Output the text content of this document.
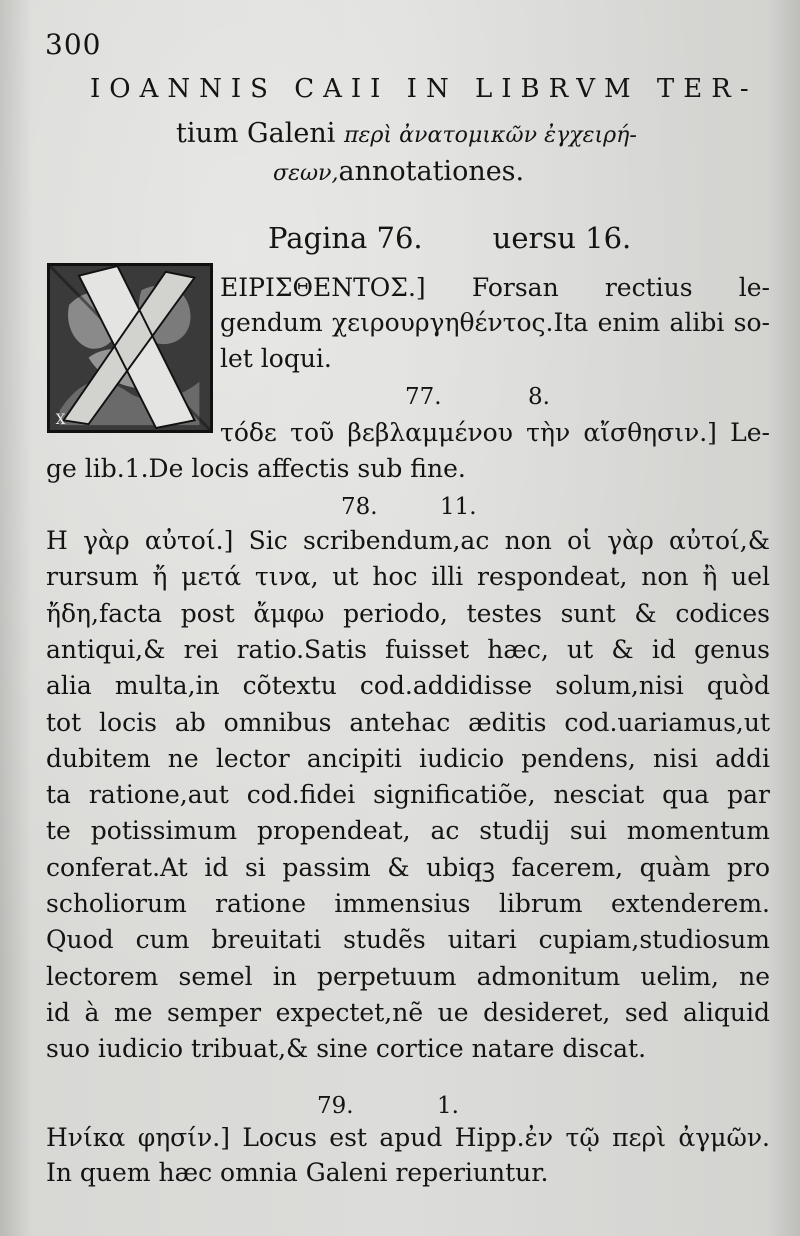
300
IOANNIS CAII IN LIBRVM TER-
tium Galeni περὶ ἀνατομικῶν ἐγχειρή-
σεων,annotationes.
Pagina 76. uersu 16.
X
ΕΙΡΙΣΘΕΝΤΟΣ.] Forsan rectius le-
gendum χειρουργηθέντος.Ita enim alibi so-
let loqui.
77.	8.
τόδε τοῦ βεβλαμμένου τὴν αἴσθησιν.] Le-
ge lib.1.De locis affectis sub fine.
78.	11.
Η γὰρ αὐτοί.] Sic scribendum,ac non οἱ γὰρ αὐτοί,&
rursum ἤ μετά τινα, ut hoc illi respondeat, non ἢ uel
ἤδη,facta post ἄμφω periodo, testes sunt & codices
antiqui,& rei ratio.Satis fuisset hæc, ut & id genus
alia multa,in cõtextu cod.addidisse solum,nisi quòd
tot locis ab omnibus antehac æditis cod.uariamus,ut
dubitem ne lector ancipiti iudicio pendens, nisi addi
ta ratione,aut cod.fidei significatiõe, nesciat qua par
te potissimum propendeat, ac studij sui momentum
conferat.At id si passim & ubiqꝫ facerem, quàm pro
scholiorum ratione immensius librum extenderem.
Quod cum breuitati studẽs uitari cupiam,studiosum
lectorem semel in perpetuum admonitum uelim, ne
id à me semper expectet,nẽ ue desideret, sed aliquid
suo iudicio tribuat,& sine cortice natare discat.
79.	1.
Ηνίκα φησίν.] Locus est apud Hipp.ἐν τῷ περὶ ἀγμῶν.
In quem hæc omnia Galeni reperiuntur.
